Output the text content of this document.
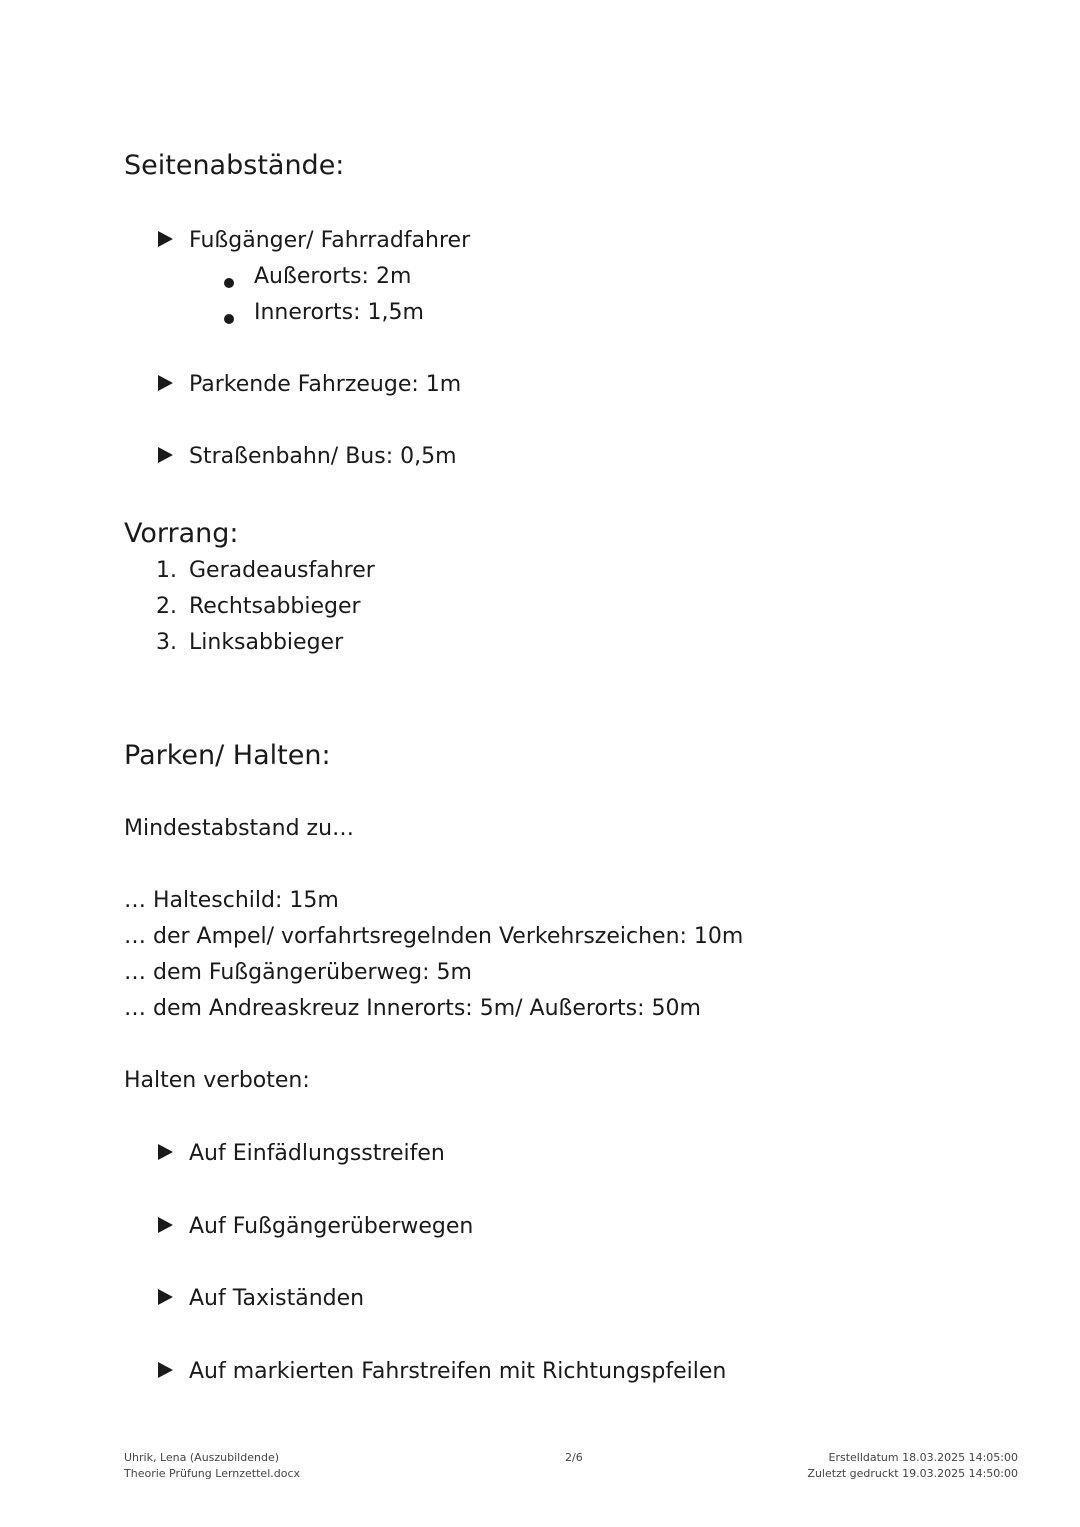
Seitenabstände:
Fußgänger/ Fahrradfahrer
Außerorts: 2m
Innerorts: 1,5m
Parkende Fahrzeuge: 1m
Straßenbahn/ Bus: 0,5m
Vorrang:
1. Geradeausfahrer
2. Rechtsabbieger
3. Linksabbieger
Parken/ Halten:
Mindestabstand zu…
… Halteschild: 15m
… der Ampel/ vorfahrtsregelnden Verkehrszeichen: 10m
… dem Fußgängerüberweg: 5m
… dem Andreaskreuz Innerorts: 5m/ Außerorts: 50m
Halten verboten:
Auf Einfädlungsstreifen
Auf Fußgängerüberwegen
Auf Taxiständen
Auf markierten Fahrstreifen mit Richtungspfeilen
Uhrik, Lena (Auszubildende)
Theorie Prüfung Lernzettel.docx
2/6	Erstelldatum 18.03.2025 14:05:00
Zuletzt gedruckt 19.03.2025 14:50:00
